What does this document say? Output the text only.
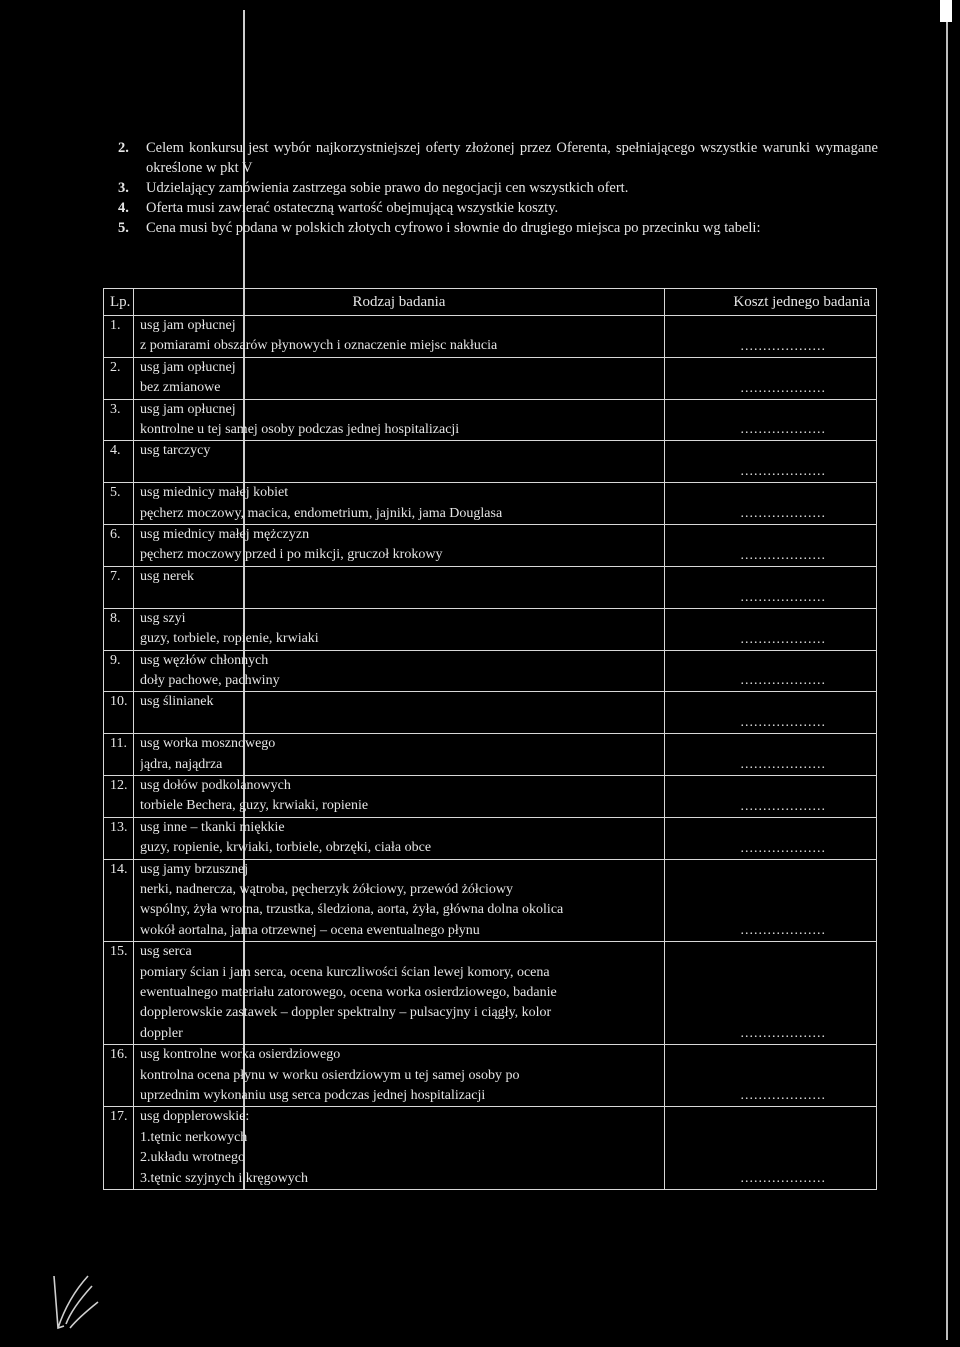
2.	Celem konkursu jest wybór najkorzystniejszej oferty złożonej przez Oferenta, spełniającego wszystkie warunki wymagane określone w pkt V
3.	Udzielający zamówienia zastrzega sobie prawo do negocjacji cen wszystkich ofert.
4.	Oferta musi zawierać ostateczną wartość obejmującą wszystkie koszty.
5.	Cena musi być podana w polskich złotych cyfrowo i słownie do drugiego miejsca po przecinku wg tabeli:
Lp.	Rodzaj badania	Koszt jednego badania
1.	usg jam opłucnej
z pomiarami obszarów płynowych i oznaczenie miejsc nakłucia	...................

2.	usg jam opłucnej
bez zmianowe	...................

3.	usg jam opłucnej
kontrolne u tej samej osoby podczas jednej hospitalizacji	...................

4.	usg tarczycy	...................

5.	usg miednicy małej kobiet
pęcherz moczowy, macica, endometrium, jajniki, jama Douglasa	...................

6.	usg miednicy małej mężczyzn
pęcherz moczowy przed i po mikcji, gruczoł krokowy	...................

7.	usg nerek	...................

8.	usg szyi
guzy, torbiele, ropienie, krwiaki	...................

9.	usg węzłów chłonnych
doły pachowe, pachwiny	...................

10.	usg ślinianek	...................

11.	usg worka mosznowego
jądra, najądrza	...................

12.	usg dołów podkolanowych
torbiele Bechera, guzy, krwiaki, ropienie	...................

13.	usg inne – tkanki miękkie
guzy, ropienie, krwiaki, torbiele, obrzęki, ciała obce	...................

14.	usg jamy brzusznej
nerki, nadnercza, wątroba, pęcherzyk żółciowy, przewód żółciowy
wspólny, żyła wrotna, trzustka, śledziona, aorta, żyła, główna dolna okolica
wokół aortalna, jama otrzewnej – ocena ewentualnego płynu	...................

15.	usg serca
pomiary ścian i jam serca, ocena kurczliwości ścian lewej komory, ocena
ewentualnego materiału zatorowego, ocena worka osierdziowego, badanie
dopplerowskie zastawek – doppler spektralny – pulsacyjny i ciągły, kolor
doppler	...................

16.	usg kontrolne worka osierdziowego
kontrolna ocena płynu w worku osierdziowym u tej samej osoby po
uprzednim wykonaniu usg serca podczas jednej hospitalizacji	...................

17.	usg dopplerowskie:
1.tętnic nerkowych
2.układu wrotnego
3.tętnic szyjnych i kręgowych	...................
